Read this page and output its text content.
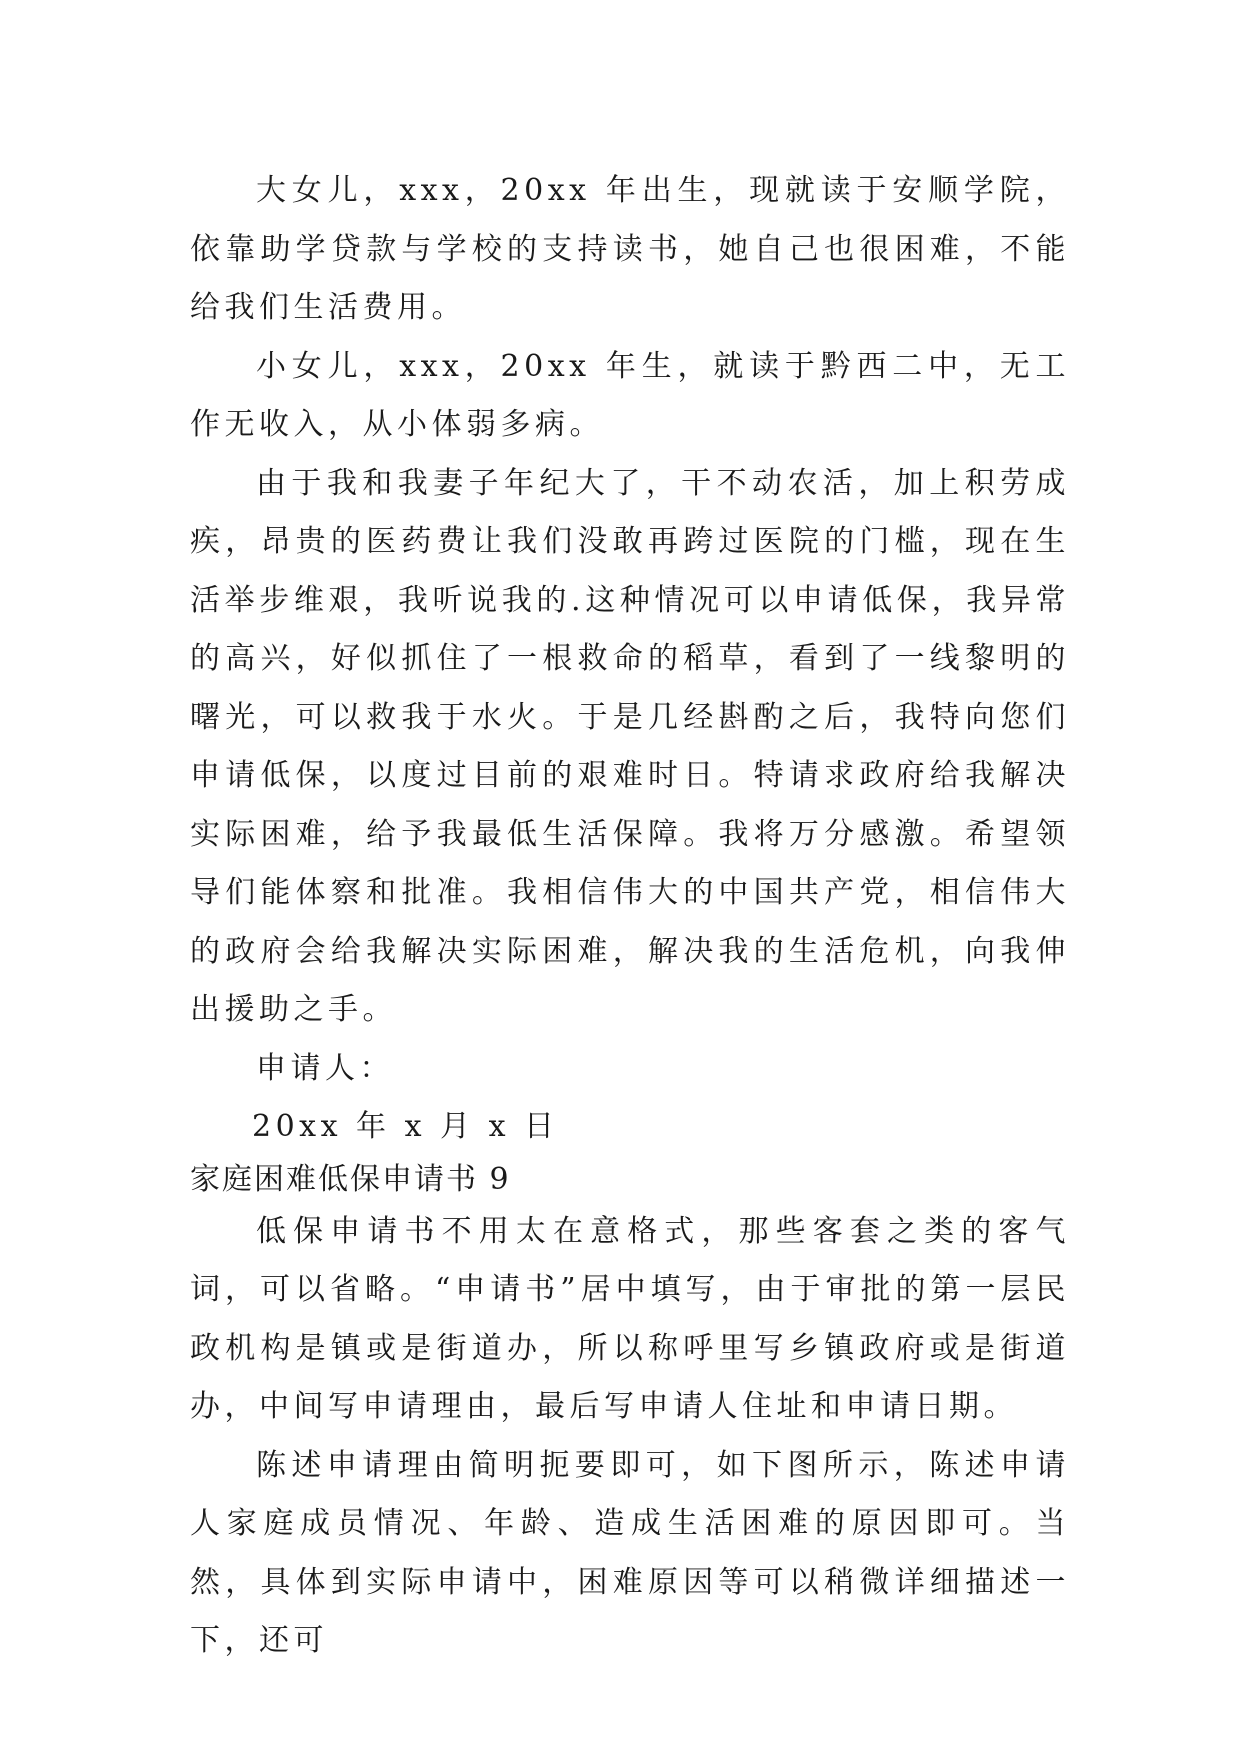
大女儿，xxx，20xx 年出生，现就读于安顺学院，依靠助学贷款与学校的支持读书，她自己也很困难，不能给我们生活费用。

小女儿，xxx，20xx 年生，就读于黔西二中，无工作无收入，从小体弱多病。

由于我和我妻子年纪大了，干不动农活，加上积劳成疾，昂贵的医药费让我们没敢再跨过医院的门槛，现在生活举步维艰，我听说我的.这种情况可以申请低保，我异常的高兴，好似抓住了一根救命的稻草，看到了一线黎明的曙光，可以救我于水火。于是几经斟酌之后，我特向您们申请低保，以度过目前的艰难时日。特请求政府给我解决实际困难，给予我最低生活保障。我将万分感激。希望领导们能体察和批准。我相信伟大的中国共产党，相信伟大的政府会给我解决实际困难，解决我的生活危机，向我伸出援助之手。

申请人：

20xx 年 x 月 x 日

家庭困难低保申请书 9

低保申请书不用太在意格式，那些客套之类的客气词，可以省略。“申请书”居中填写，由于审批的第一层民政机构是镇或是街道办，所以称呼里写乡镇政府或是街道办，中间写申请理由，最后写申请人住址和申请日期。

陈述申请理由简明扼要即可，如下图所示，陈述申请人家庭成员情况、年龄、造成生活困难的原因即可。当然，具体到实际申请中，困难原因等可以稍微详细描述一下，还可
